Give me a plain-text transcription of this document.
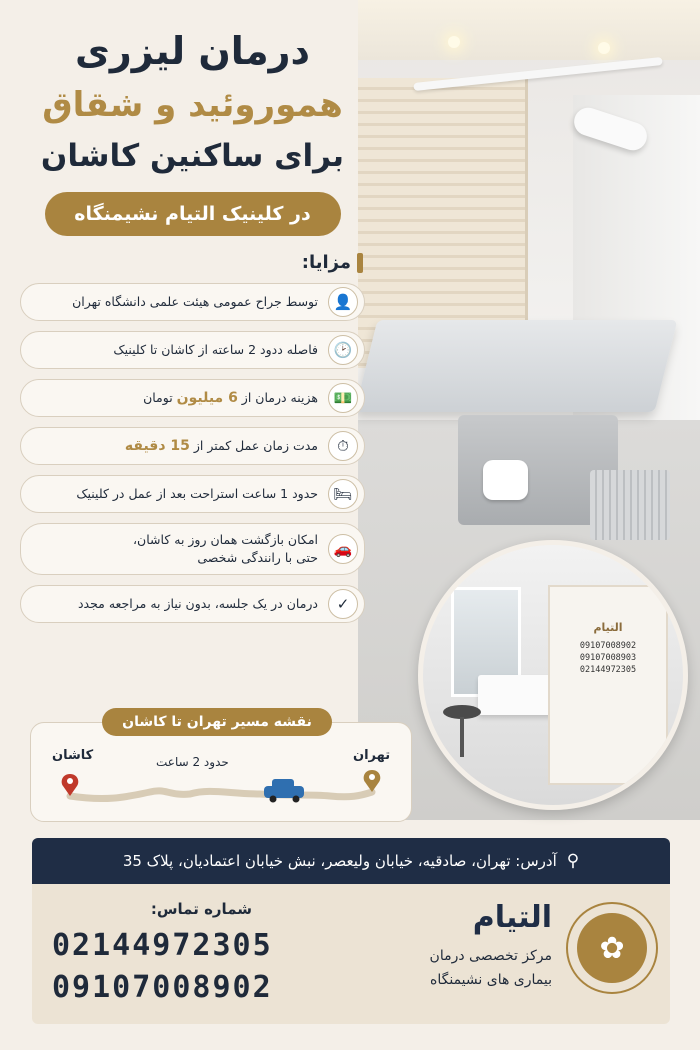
التیام
09107008902
09107008903
02144972305
درمان لیزری
هموروئید و شقاق
برای ساکنین کاشان
در کلینیک التیام نشیمنگاه
مزایا:
👤
توسط جراح عمومی هیئت علمی دانشگاه تهران
🕑
فاصله ددود 2 ساعته از کاشان تا کلینیک
💵
هزینه درمان از 6 میلیون تومان
⏱
مدت زمان عمل کمتر از 15 دقیقه
🛏
حدود 1 ساعت استراحت بعد از عمل در کلینیک
🚗
امکان بازگشت همان روز به کاشان،
حتی با رانندگی شخصی
✓
درمان در یک جلسه، بدون نیاز به مراجعه مجدد
نقشه مسیر تهران تا کاشان
تهران
کاشان	حدود 2 ساعت
⚲
آدرس: تهران، صادقیه، خیابان ولیعصر، نبش خیابان اعتمادیان، پلاک 35
شماره تماس:
02144972305
09107008902
التیام
مرکز تخصصی درمان
بیماری های نشیمنگاه
✿
